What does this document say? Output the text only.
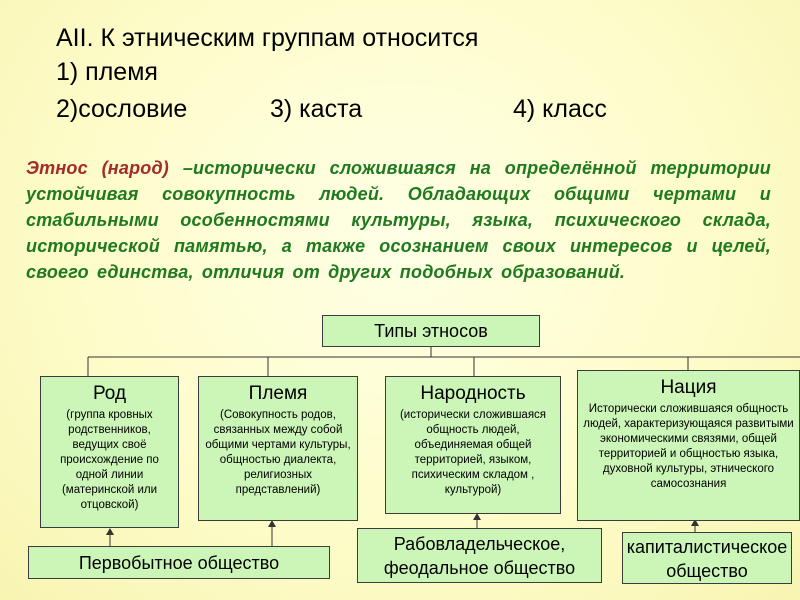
AII. К этническим группам относится
1) племя
2)сословие	3) каста	4) класс
Этнос (народ) –исторически сложившаяся на определённой территории устойчивая совокупность людей. Обладающих общими чертами и стабильными особенностями культуры, языка, психического склада, исторической памятью, а также осознанием своих интересов и целей, своего единства, отличия от других подобных образований.
Типы этносов
Род
(группа кровных родственников, ведущих своё происхождение по одной линии (материнской или отцовской)
Племя
(Совокупность родов, связанных между собой общими чертами культуры, общностью диалекта, религиозных представлений)
Народность
(исторически сложившаяся общность людей, объединяемая общей территорией, языком, психическим складом , культурой)
Нация
Исторически сложившаяся общность людей, характеризующаяся развитыми экономическими связями, общей территорией и общностью языка, духовной культуры, этнического самосознания
Первобытное общество
Рабовладельческое, феодальное общество
капиталистическое общество
